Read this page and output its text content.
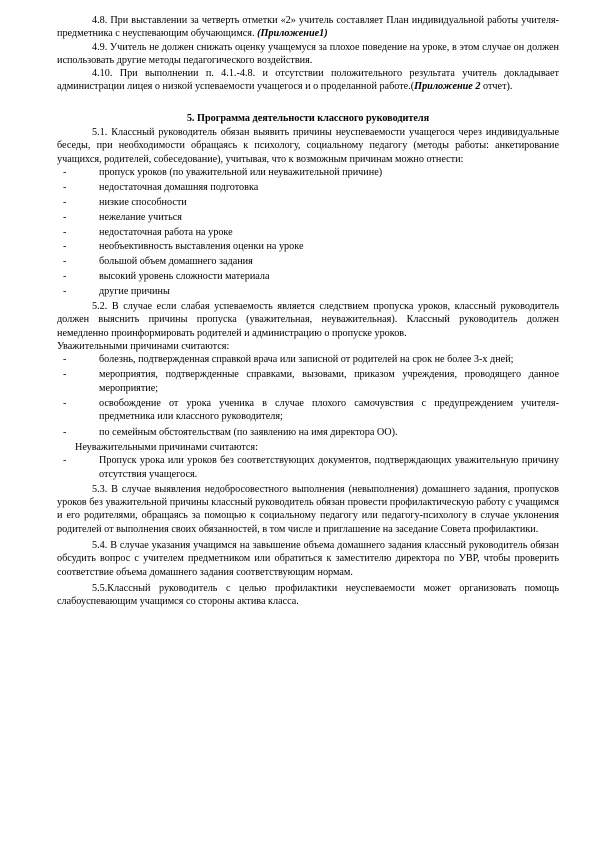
4.8. При выставлении за четверть отметки «2» учитель составляет План индивидуальной работы учителя-предметника с неуспевающим обучающимся. (Приложение1)

4.9. Учитель не должен снижать оценку учащемуся за плохое поведение на уроке, в этом случае он должен использовать другие методы педагогического воздействия.

4.10. При выполнении п. 4.1.-4.8. и отсутствии положительного результата учитель докладывает администрации лицея о низкой успеваемости учащегося и о проделанной работе.(Приложение 2 отчет).

5. Программа деятельности классного руководителя

5.1. Классный руководитель обязан выявить причины неуспеваемости учащегося через индивидуальные беседы, при необходимости обращаясь к психологу, социальному педагогу (методы работы: анкетирование учащихся, родителей, собеседование), учитывая, что к возможным причинам можно отнести:

-	пропуск уроков (по уважительной или неуважительной причине)
-	недостаточная домашняя подготовка
-	низкие способности
-	нежелание учиться
-	недостаточная работа на уроке
-	необъективность выставления оценки на уроке
-	большой объем домашнего задания
-	высокий уровень сложности материала
-	другие причины

5.2. В случае если слабая успеваемость является следствием пропуска уроков, классный руководитель должен выяснить причины пропуска (уважительная, неуважительная). Классный руководитель должен немедленно проинформировать родителей и администрацию о пропуске уроков.

Уважительными причинами считаются:

-	болезнь, подтвержденная справкой врача или записной от родителей на срок не более 3-х дней;
-	мероприятия, подтвержденные справками, вызовами, приказом учреждения, проводящего данное мероприятие;
-	освобождение от урока ученика в случае плохого самочувствия с предупреждением учителя-предметника или классного руководителя;
-	по семейным обстоятельствам (по заявлению на имя директора ОО).

Неуважительными причинами считаются:

-	Пропуск урока или уроков без соответствующих документов, подтверждающих уважительную причину отсутствия учащегося.

5.3. В случае выявления недобросовестного выполнения (невыполнения) домашнего задания, пропусков уроков без уважительной причины классный руководитель обязан провести профилактическую работу с учащимся и его родителями, обращаясь за помощью к социальному педагогу или педагогу-психологу в случае уклонения родителей от выполнения своих обязанностей, в том числе и приглашение на заседание Совета профилактики.

5.4. В случае указания учащимся на завышение объема домашнего задания классный руководитель обязан обсудить вопрос с учителем предметником или обратиться к заместителю директора по УВР, чтобы проверить соответствие объема домашнего задания соответствующим нормам.

5.5.Классный руководитель с целью профилактики неуспеваемости может организовать помощь слабоуспевающим учащимся со стороны актива класса.
